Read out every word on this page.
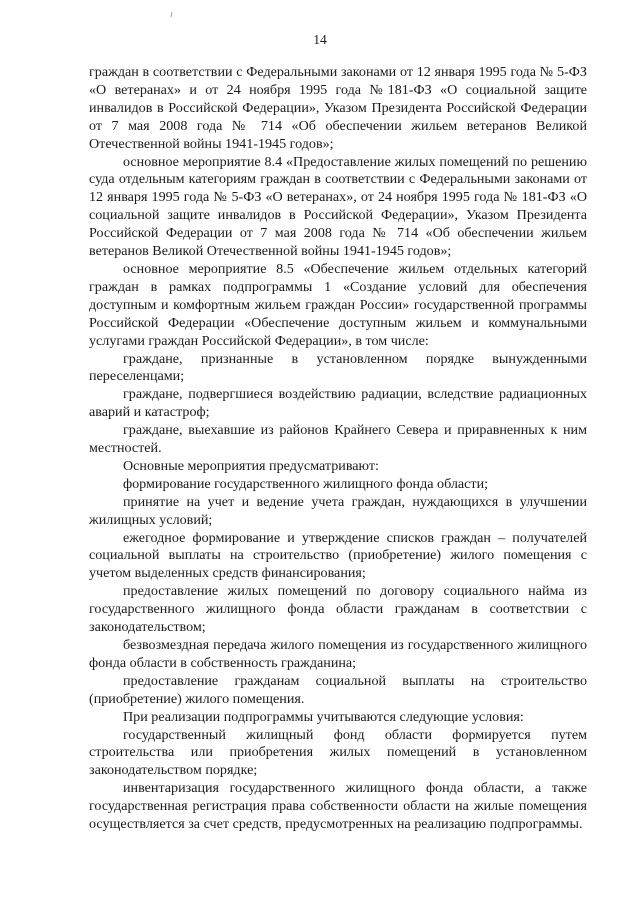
14

граждан в соответствии с Федеральными законами от 12 января 1995 года № 5-ФЗ «О ветеранах» и от 24 ноября 1995 года №181-ФЗ «О социальной защите инвалидов в Российской Федерации», Указом Президента Российской Федерации от 7 мая 2008 года № 714 «Об обеспечении жильем ветеранов Великой Отечественной войны 1941-1945 годов»;

основное мероприятие 8.4 «Предоставление жилых помещений по решению суда отдельным категориям граждан в соответствии с Федеральными законами от 12 января 1995 года № 5-ФЗ «О ветеранах», от 24 ноября 1995 года № 181-ФЗ «О социальной защите инвалидов в Российской Федерации», Указом Президента Российской Федерации от 7 мая 2008 года № 714 «Об обеспечении жильем ветеранов Великой Отечественной войны 1941-1945 годов»;

основное мероприятие 8.5 «Обеспечение жильем отдельных категорий граждан в рамках подпрограммы 1 «Создание условий для обеспечения доступным и комфортным жильем граждан России» государственной программы Российской Федерации «Обеспечение доступным жильем и коммунальными услугами граждан Российской Федерации», в том числе:

граждане, признанные в установленном порядке вынужденными переселенцами;

граждане, подвергшиеся воздействию радиации, вследствие радиационных аварий и катастроф;

граждане, выехавшие из районов Крайнего Севера и приравненных к ним местностей.

Основные мероприятия предусматривают:

формирование государственного жилищного фонда области;

принятие на учет и ведение учета граждан, нуждающихся в улучшении жилищных условий;

ежегодное формирование и утверждение списков граждан – получателей социальной выплаты на строительство (приобретение) жилого помещения с учетом выделенных средств финансирования;

предоставление жилых помещений по договору социального найма из государственного жилищного фонда области гражданам в соответствии с законодательством;

безвозмездная передача жилого помещения из государственного жилищного фонда области в собственность гражданина;

предоставление гражданам социальной выплаты на строительство (приобретение) жилого помещения.

При реализации подпрограммы учитываются следующие условия:

государственный жилищный фонд области формируется путем строительства или приобретения жилых помещений в установленном законодательством порядке;

инвентаризация государственного жилищного фонда области, а также государственная регистрация права собственности области на жилые помещения осуществляется за счет средств, предусмотренных на реализацию подпрограммы.
